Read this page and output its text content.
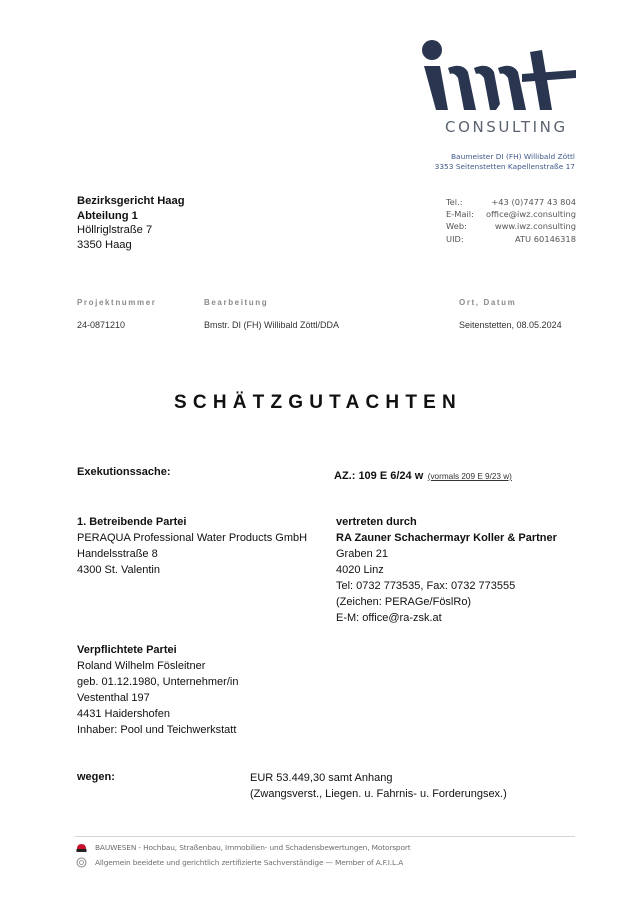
CONSULTING
Baumeister DI (FH) Willibald Zöttl
3353 Seitenstetten Kapellenstraße 17
Bezirksgericht Haag
Abteilung 1
Höllriglstraße 7
3350 Haag
Tel.:	+43 (0)7477 43 804
E-Mail: office@iwz.consulting
Web:	www.iwz.consulting
UID:	ATU 60146318
Projektnummer	Bearbeitung	Ort, Datum
24-0871210	Bmstr. DI (FH) Willibald Zöttl/DDA	Seitenstetten, 08.05.2024
SCHÄTZGUTACHTEN
Exekutionssache:	AZ.: 109 E 6/24 w (vormals 209 E 9/23 w)
1. Betreibende Partei
PERAQUA Professional Water Products GmbH
Handelsstraße 8
4300 St. Valentin
vertreten durch
RA Zauner Schachermayr Koller & Partner
Graben 21
4020 Linz
Tel: 0732 773535, Fax: 0732 773555
(Zeichen: PERAGe/FöslRo)
E-M: office@ra-zsk.at
Verpflichtete Partei
Roland Wilhelm Fösleitner
geb. 01.12.1980, Unternehmer/in
Vestenthal 197
4431 Haidershofen
Inhaber: Pool und Teichwerkstatt
wegen:	EUR 53.449,30 samt Anhang
(Zwangsverst., Liegen. u. Fahrnis- u. Forderungsex.)
BAUWESEN - Hochbau, Straßenbau, Immobilien- und Schadensbewertungen, Motorsport
Allgemein beeidete und gerichtlich zertifizierte Sachverständige — Member of A.F.I.L.A
